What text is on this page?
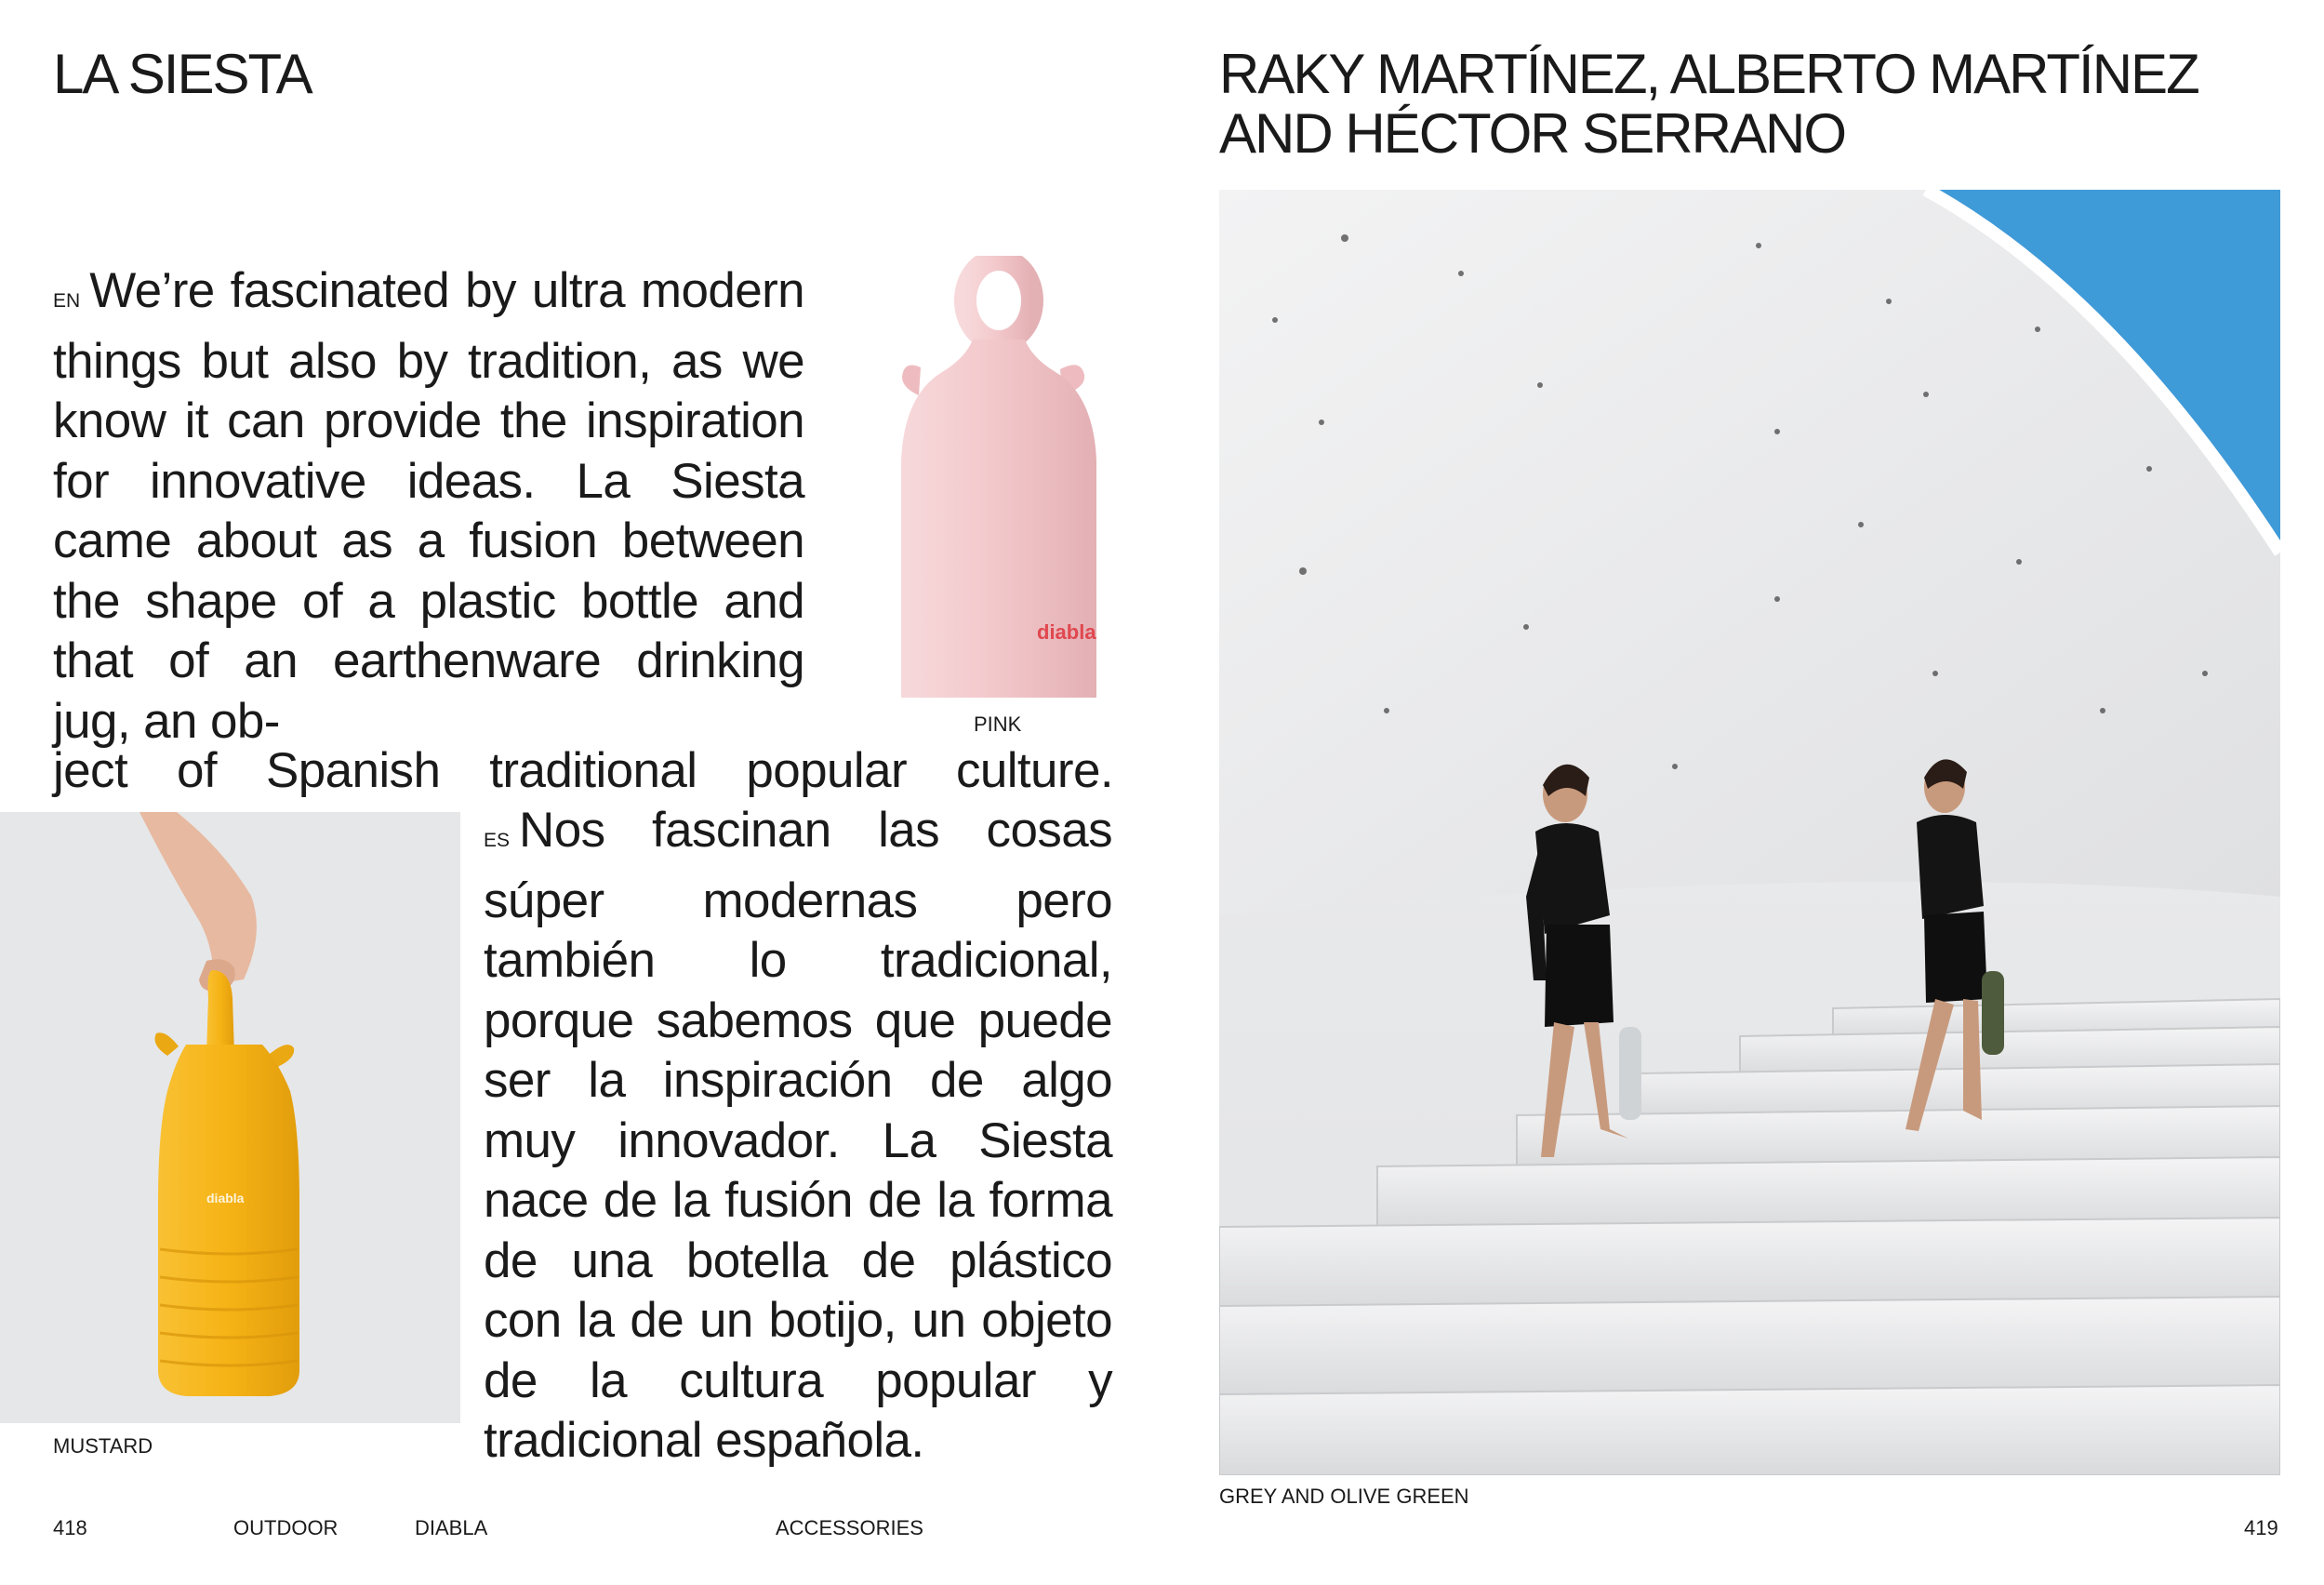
LA SIESTA
EN We’re fascinated by ultra modern things but also by tradition, as we know it can provide the inspiration for innovative ideas. La Siesta came about as a fusion between the shape of a plastic bottle and that of an earthenware drinking jug, an ob-
ject of Spanish traditional popular culture.
diabla
PINK
diabla
MUSTARD
ES Nos fascinan las cosas súper modernas pero también lo tradicional, porque sabemos que puede ser la inspiración de algo muy innovador. La Siesta nace de la fusión de la forma de una botella de plástico con la de un botijo, un objeto de la cultura popular y tradicional española.
RAKY MARTÍNEZ, ALBERTO MARTÍNEZ
AND HÉCTOR SERRANO
GREY AND OLIVE GREEN
418	OUTDOOR	DIABLA	ACCESSORIES	419
